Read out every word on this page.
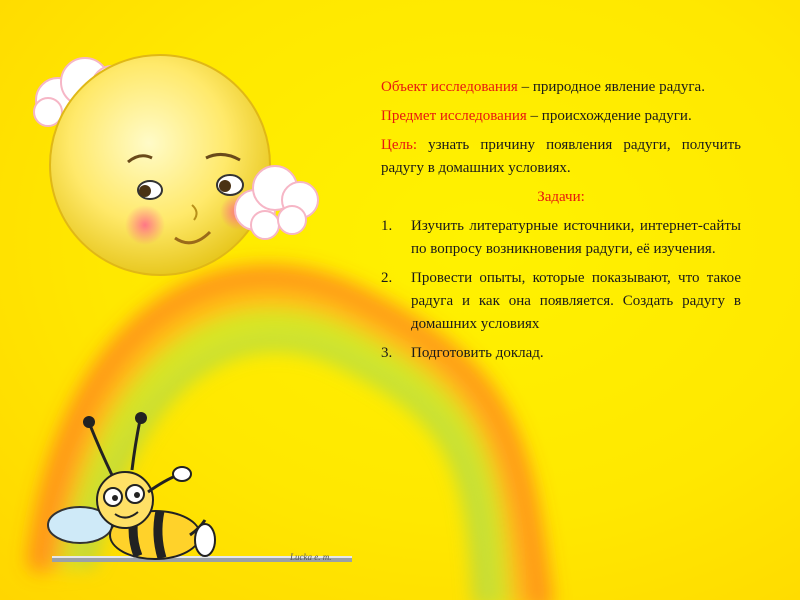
Lucka e. m.

Объект исследования – природное явление радуга.

Предмет исследования – происхождение радуги.

Цель: узнать причину появления радуги, получить радугу в домашних условиях.

Задачи:

1.	Изучить литературные источники, интернет-сайты по вопросу возникновения радуги, её изучения.
2.	Провести опыты, которые показывают, что такое радуга и как она появляется. Создать радугу в домашних условиях
3.	Подготовить доклад.
